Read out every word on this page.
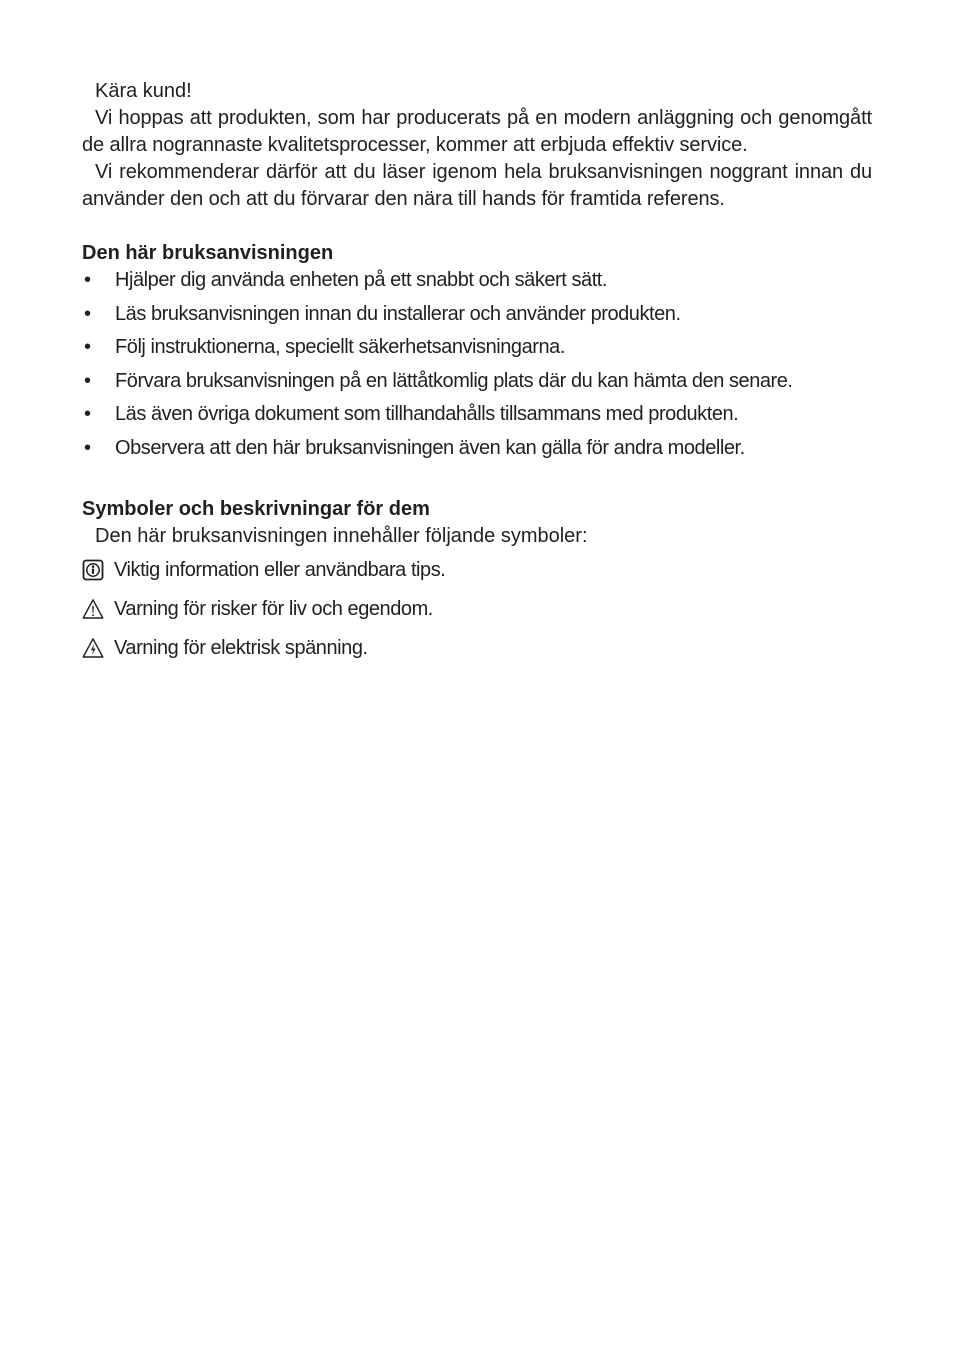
Kära kund!

Vi hoppas att produkten, som har producerats på en modern anläggning och genomgått de allra nogrannaste kvalitetsprocesser, kommer att erbjuda effektiv service.

Vi rekommenderar därför att du läser igenom hela bruksanvisningen noggrant innan du använder den och att du förvarar den nära till hands för framtida referens.

Den här bruksanvisningen
• Hjälper dig använda enheten på ett snabbt och säkert sätt.
• Läs bruksanvisningen innan du installerar och använder produkten.
• Följ instruktionerna, speciellt säkerhetsanvisningarna.
• Förvara bruksanvisningen på en lättåtkomlig plats där du kan hämta den senare.
• Läs även övriga dokument som tillhandahålls tillsammans med produkten.
• Observera att den här bruksanvisningen även kan gälla för andra modeller.
Symboler och beskrivningar för dem

Den här bruksanvisningen innehåller följande symboler:

Viktig information eller användbara tips.
Varning för risker för liv och egendom.
Varning för elektrisk spänning.
